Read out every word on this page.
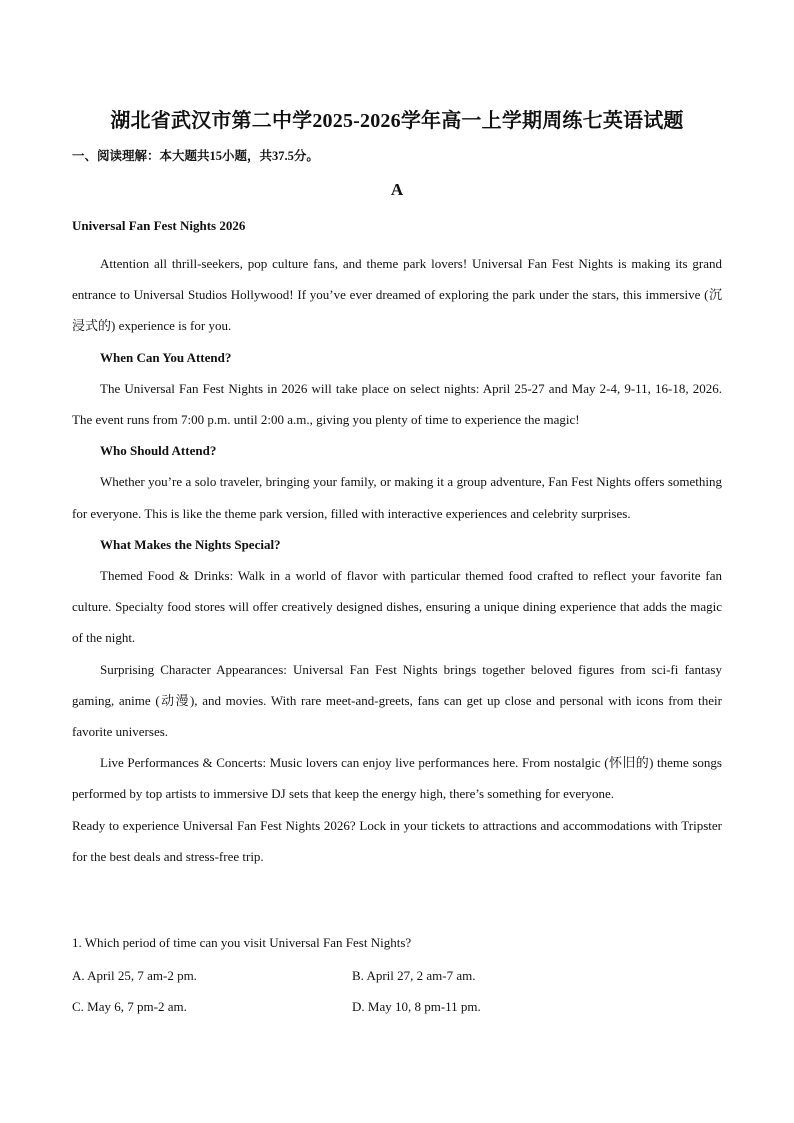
湖北省武汉市第二中学2025-2026学年高一上学期周练七英语试题
一、阅读理解：本大题共15小题，共37.5分。
A
Universal Fan Fest Nights 2026

Attention all thrill-seekers, pop culture fans, and theme park lovers! Universal Fan Fest Nights is making its grand entrance to Universal Studios Hollywood! If you’ve ever dreamed of exploring the park under the stars, this immersive (沉浸式的) experience is for you.

When Can You Attend?

The Universal Fan Fest Nights in 2026 will take place on select nights: April 25-27 and May 2-4, 9-11, 16-18, 2026. The event runs from 7:00 p.m. until 2:00 a.m., giving you plenty of time to experience the magic!

Who Should Attend?

Whether you’re a solo traveler, bringing your family, or making it a group adventure, Fan Fest Nights offers something for everyone. This is like the theme park version, filled with interactive experiences and celebrity surprises.

What Makes the Nights Special?

Themed Food & Drinks: Walk in a world of flavor with particular themed food crafted to reflect your favorite fan culture. Specialty food stores will offer creatively designed dishes, ensuring a unique dining experience that adds the magic of the night.

Surprising Character Appearances: Universal Fan Fest Nights brings together beloved figures from sci-fi fantasy gaming, anime (动漫), and movies. With rare meet-and-greets, fans can get up close and personal with icons from their favorite universes.

Live Performances & Concerts: Music lovers can enjoy live performances here. From nostalgic (怀旧的) theme songs performed by top artists to immersive DJ sets that keep the energy high, there’s something for everyone.

Ready to experience Universal Fan Fest Nights 2026? Lock in your tickets to attractions and accommodations with Tripster for the best deals and stress-free trip.

1. Which period of time can you visit Universal Fan Fest Nights?
A. April 25, 7 am-2 pm.	B. April 27, 2 am-7 am.
C. May 6, 7 pm-2 am.	D. May 10, 8 pm-11 pm.
